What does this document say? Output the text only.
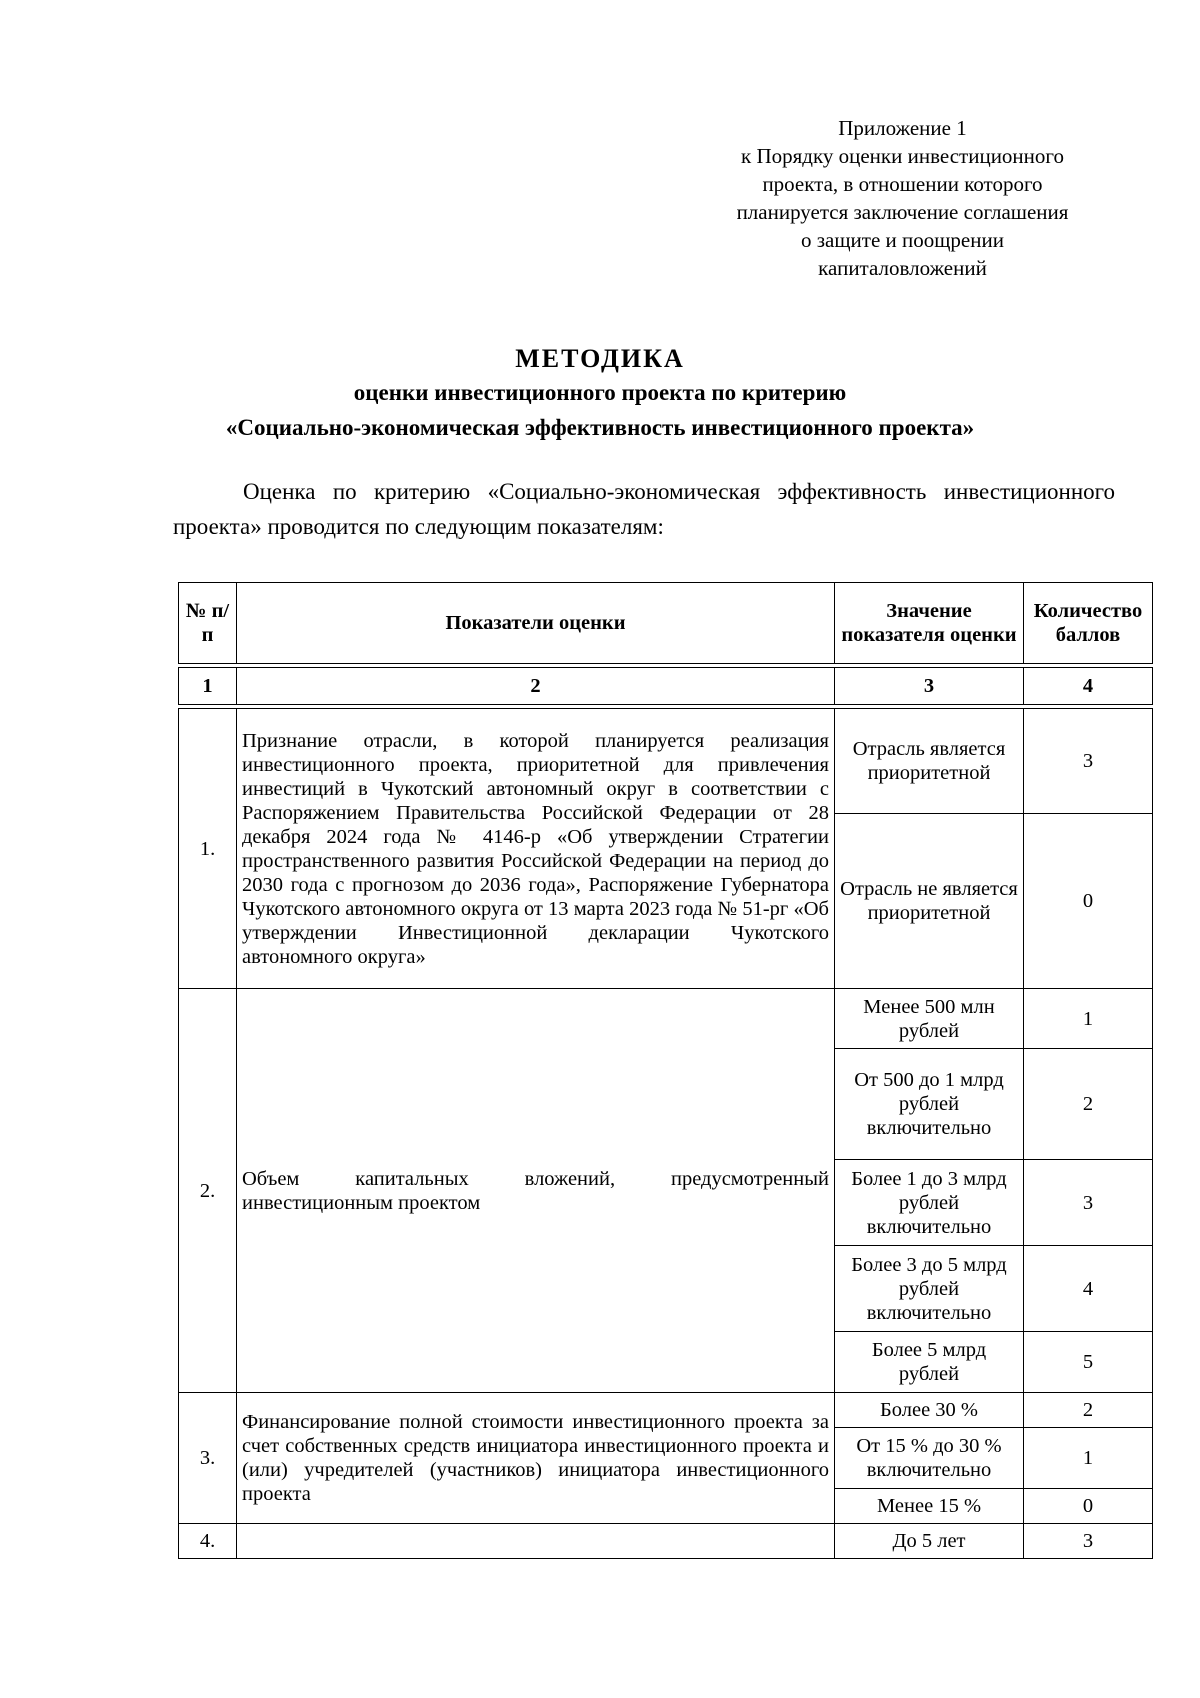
Приложение 1
к Порядку оценки инвестиционного
проекта, в отношении которого
планируется заключение соглашения
о защите и поощрении
капиталовложений
МЕТОДИКА
оценки инвестиционного проекта по критерию
«Социально-экономическая эффективность инвестиционного проекта»
Оценка по критерию «Социально-экономическая эффективность инвестиционного проекта» проводится по следующим показателям:
№ п/п	Показатели оценки	Значение показателя оценки	Количество баллов

1	2	3	4

1.	Признание отрасли, в которой планируется реализация инвестиционного проекта, приоритетной для привлечения инвестиций в Чукотский автономный округ в соответствии с Распоряжением Правительства Российской Федерации от 28 декабря 2024 года № 4146-р «Об утверждении Стратегии пространственного развития Российской Федерации на период до 2030 года с прогнозом до 2036 года», Распоряжение Губернатора Чукотского автономного округа от 13 марта 2023 года № 51-рг «Об утверждении Инвестиционной декларации Чукотского автономного округа»	Отрасль является приоритетной	3
		Отрасль не является приоритетной	0
2.	Объем капитальных вложений, предусмотренный инвестиционным проектом	Менее 500 млн рублей	1
		От 500 до 1 млрд рублей включительно	2
		Более 1 до 3 млрд рублей включительно	3
		Более 3 до 5 млрд рублей включительно	4
		Более 5 млрд рублей	5
3.	Финансирование полной стоимости инвестиционного проекта за счет собственных средств инициатора инвестиционного проекта и (или) учредителей (участников) инициатора инвестиционного проекта	Более 30 %	2
		От 15 % до 30 % включительно	1
		Менее 15 %	0
4.		До 5 лет	3
